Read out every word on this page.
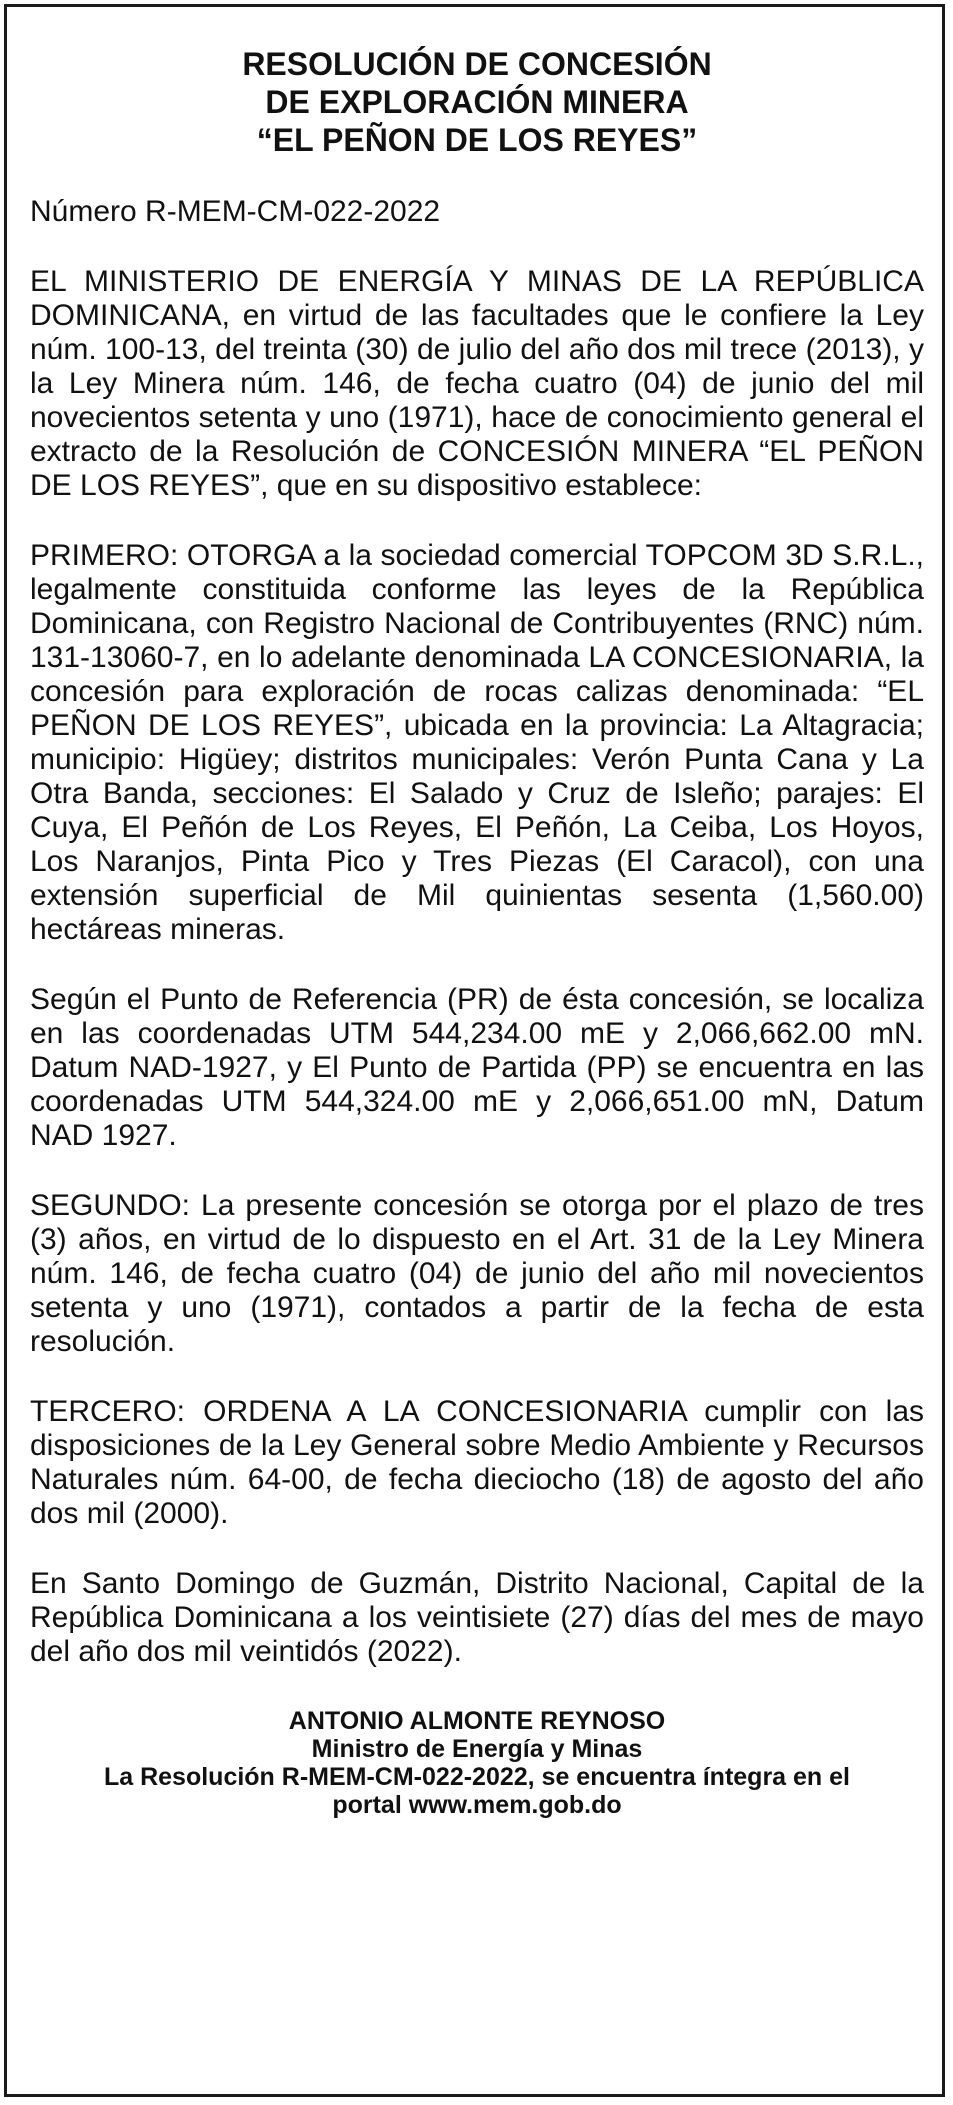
RESOLUCIÓN DE CONCESIÓN
DE EXPLORACIÓN MINERA
“EL PEÑON DE LOS REYES”
Número R-MEM-CM-022-2022
EL MINISTERIO DE ENERGÍA Y MINAS DE LA REPÚBLICA DOMINICANA, en virtud de las facultades que le confiere la Ley núm. 100-13, del treinta (30) de julio del año dos mil trece (2013), y la Ley Minera núm. 146, de fecha cuatro (04) de junio del mil novecientos setenta y uno (1971), hace de conocimiento general el extracto de la Resolución de CONCESIÓN MINERA “EL PEÑON DE LOS REYES”, que en su dispositivo establece:
PRIMERO: OTORGA a la sociedad comercial TOPCOM 3D S.R.L., legalmente constituida conforme las leyes de la República Dominicana, con Registro Nacional de Contribuyentes (RNC) núm. 131-13060-7, en lo adelante denominada LA CONCESIONARIA, la concesión para exploración de rocas calizas denominada: “EL PEÑON DE LOS REYES”, ubicada en la provincia: La Altagracia; municipio: Higüey; distritos municipales: Verón Punta Cana y La Otra Banda, secciones: El Salado y Cruz de Isleño; parajes: El Cuya, El Peñón de Los Reyes, El Peñón, La Ceiba, Los Hoyos, Los Naranjos, Pinta Pico y Tres Piezas (El Caracol), con una extensión superficial de Mil quinientas sesenta (1,560.00) hectáreas mineras.
Según el Punto de Referencia (PR) de ésta concesión, se localiza en las coordenadas UTM 544,234.00 mE y 2,066,662.00 mN. Datum NAD-1927, y El Punto de Partida (PP) se encuentra en las coordenadas UTM 544,324.00 mE y 2,066,651.00 mN, Datum NAD 1927.
SEGUNDO: La presente concesión se otorga por el plazo de tres (3) años, en virtud de lo dispuesto en el Art. 31 de la Ley Minera núm. 146, de fecha cuatro (04) de junio del año mil novecientos setenta y uno (1971), contados a partir de la fecha de esta resolución.
TERCERO: ORDENA A LA CONCESIONARIA cumplir con las disposiciones de la Ley General sobre Medio Ambiente y Recursos Naturales núm. 64-00, de fecha dieciocho (18) de agosto del año dos mil (2000).
En Santo Domingo de Guzmán, Distrito Nacional, Capital de la República Dominicana a los veintisiete (27) días del mes de mayo del año dos mil veintidós (2022).
ANTONIO ALMONTE REYNOSO
Ministro de Energía y Minas
La Resolución R-MEM-CM-022-2022, se encuentra íntegra en el
portal www.mem.gob.do
